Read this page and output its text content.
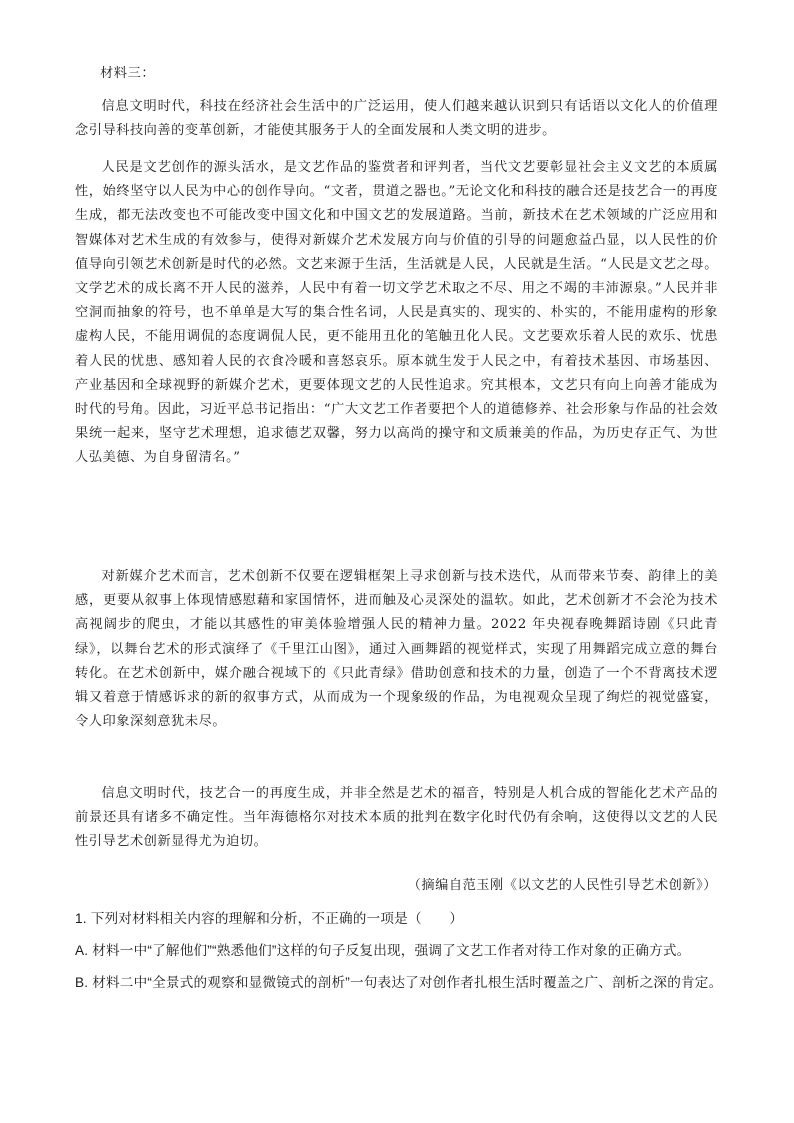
材料三：
信息文明时代，科技在经济社会生活中的广泛运用，使人们越来越认识到只有话语以文化人的价值理念引导科技向善的变革创新，才能使其服务于人的全面发展和人类文明的进步。
人民是文艺创作的源头活水，是文艺作品的鉴赏者和评判者，当代文艺要彰显社会主义文艺的本质属性，始终坚守以人民为中心的创作导向。“文者，贯道之器也。”无论文化和科技的融合还是技艺合一的再度生成，都无法改变也不可能改变中国文化和中国文艺的发展道路。当前，新技术在艺术领域的广泛应用和智媒体对艺术生成的有效参与，使得对新媒介艺术发展方向与价值的引导的问题愈益凸显，以人民性的价值导向引领艺术创新是时代的必然。文艺来源于生活，生活就是人民，人民就是生活。“人民是文艺之母。文学艺术的成长离不开人民的滋养，人民中有着一切文学艺术取之不尽、用之不竭的丰沛源泉。”人民并非空洞而抽象的符号，也不单单是大写的集合性名词，人民是真实的、现实的、朴实的，不能用虚构的形象虚构人民，不能用调侃的态度调侃人民，更不能用丑化的笔触丑化人民。文艺要欢乐着人民的欢乐、忧患着人民的忧患、感知着人民的衣食冷暖和喜怒哀乐。原本就生发于人民之中，有着技术基因、市场基因、产业基因和全球视野的新媒介艺术，更要体现文艺的人民性追求。究其根本，文艺只有向上向善才能成为时代的号角。因此，习近平总书记指出：“广大文艺工作者要把个人的道德修养、社会形象与作品的社会效果统一起来，坚守艺术理想，追求德艺双馨，努力以高尚的操守和文质兼美的作品，为历史存正气、为世人弘美德、为自身留清名。”
对新媒介艺术而言，艺术创新不仅要在逻辑框架上寻求创新与技术迭代，从而带来节奏、韵律上的美感，更要从叙事上体现情感慰藉和家国情怀，进而触及心灵深处的温软。如此，艺术创新才不会沦为技术高视阔步的爬虫，才能以其感性的审美体验增强人民的精神力量。2022 年央视春晚舞蹈诗剧《只此青绿》，以舞台艺术的形式演绎了《千里江山图》，通过入画舞蹈的视觉样式，实现了用舞蹈完成立意的舞台转化。在艺术创新中，媒介融合视域下的《只此青绿》借助创意和技术的力量，创造了一个不背离技术逻辑又着意于情感诉求的新的叙事方式，从而成为一个现象级的作品，为电视观众呈现了绚烂的视觉盛宴，令人印象深刻意犹未尽。
信息文明时代，技艺合一的再度生成，并非全然是艺术的福音，特别是人机合成的智能化艺术产品的前景还具有诸多不确定性。当年海德格尔对技术本质的批判在数字化时代仍有余响，这使得以文艺的人民性引导艺术创新显得尤为迫切。
（摘编自范玉刚《以文艺的人民性引导艺术创新》）
1. 下列对材料相关内容的理解和分析，不正确的一项是（　　）
A. 材料一中“了解他们”“熟悉他们”这样的句子反复出现，强调了文艺工作者对待工作对象的正确方式。
B. 材料二中“全景式的观察和显微镜式的剖析”一句表达了对创作者扎根生活时覆盖之广、剖析之深的肯定。
